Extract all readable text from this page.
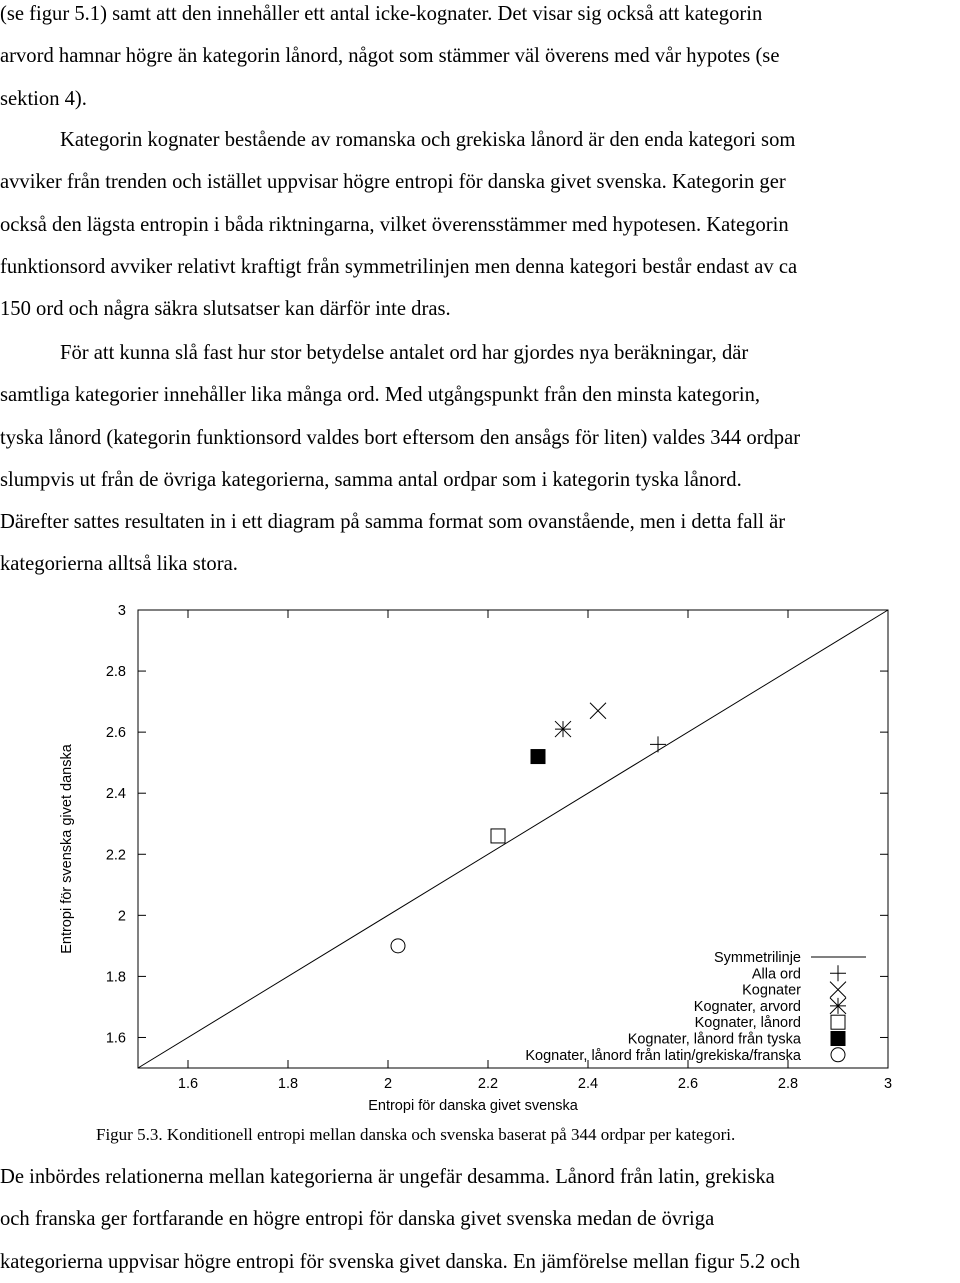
(se figur 5.1) samt att den innehåller ett antal icke-kognater. Det visar sig också att kategorin
arvord hamnar högre än kategorin lånord, något som stämmer väl överens med vår hypotes (se
sektion 4).
Kategorin kognater bestående av romanska och grekiska lånord är den enda kategori som
avviker från trenden och istället uppvisar högre entropi för danska givet svenska. Kategorin ger
också den lägsta entropin i båda riktningarna, vilket överensstämmer med hypotesen. Kategorin
funktionsord avviker relativt kraftigt från symmetrilinjen men denna kategori består endast av ca
150 ord och några säkra slutsatser kan därför inte dras.
För att kunna slå fast hur stor betydelse antalet ord har gjordes nya beräkningar, där
samtliga kategorier innehåller lika många ord. Med utgångspunkt från den minsta kategorin,
tyska lånord (kategorin funktionsord valdes bort eftersom den ansågs för liten) valdes 344 ordpar
slumpvis ut från de övriga kategorierna, samma antal ordpar som i kategorin tyska lånord.
Därefter sattes resultaten in i ett diagram på samma format som ovanstående, men i detta fall är
kategorierna alltså lika stora.
1.6	1.8	2	2.2	2.4	2.6	2.8	3
1.6
1.8
2
2.2
2.4
2.6
2.8
3
Entropi för danska givet svenska
Entropi för svenska givet danska
Symmetrilinje
Alla ord
Kognater
Kognater, arvord
Kognater, lånord
Kognater, lånord från tyska
Kognater, lånord från latin/grekiska/franska
Figur 5.3. Konditionell entropi mellan danska och svenska baserat på 344 ordpar per kategori.
De inbördes relationerna mellan kategorierna är ungefär desamma. Lånord från latin, grekiska
och franska ger fortfarande en högre entropi för danska givet svenska medan de övriga
kategorierna uppvisar högre entropi för svenska givet danska. En jämförelse mellan figur 5.2 och
